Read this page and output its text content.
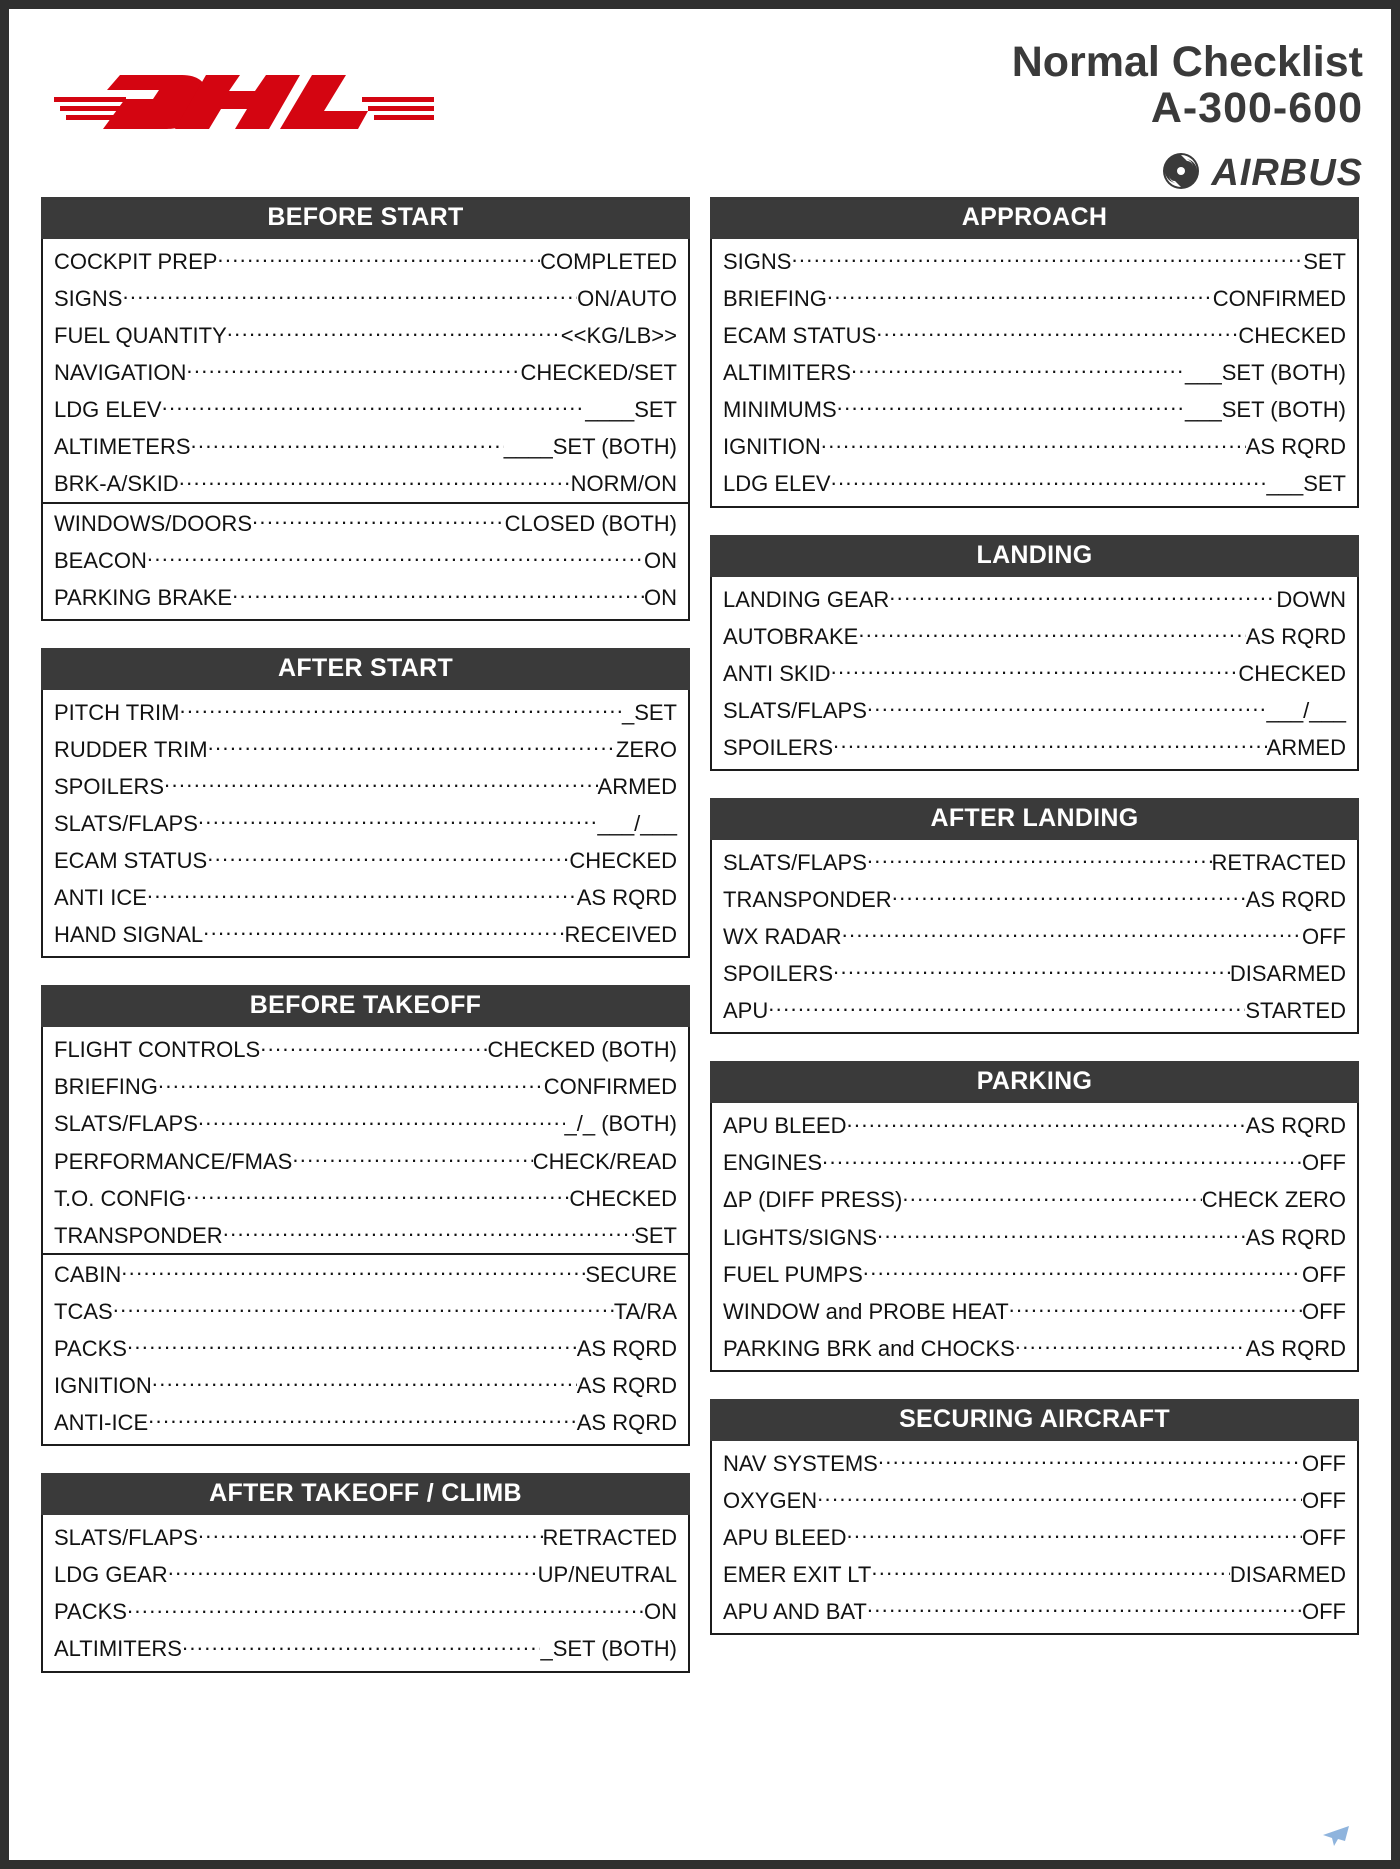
Normal Checklist
A-300-600
AIRBUS
BEFORE START
COCKPIT PREP .....	COMPLETED
SIGNS .....	ON/AUTO
FUEL QUANTITY .....	<<KG/LB>>
NAVIGATION .....	CHECKED/SET
LDG ELEV .....	____SET
ALTIMETERS .....	____SET (BOTH)
BRK-A/SKID .....	NORM/ON
WINDOWS/DOORS .....	CLOSED (BOTH)
BEACON .....	ON
PARKING BRAKE .....	ON
AFTER START
PITCH TRIM .....	_SET
RUDDER TRIM .....	ZERO
SPOILERS .....	ARMED
SLATS/FLAPS .....	___/___
ECAM STATUS .....	CHECKED
ANTI ICE .....	AS RQRD
HAND SIGNAL .....	RECEIVED
BEFORE TAKEOFF
FLIGHT CONTROLS .....	CHECKED (BOTH)
BRIEFING .....	CONFIRMED
SLATS/FLAPS .....	_/_ (BOTH)
PERFORMANCE/FMAS .....	CHECK/READ
T.O. CONFIG .....	CHECKED
TRANSPONDER .....	SET
CABIN .....	SECURE
TCAS .....	TA/RA
PACKS .....	AS RQRD
IGNITION .....	AS RQRD
ANTI-ICE .....	AS RQRD
AFTER TAKEOFF / CLIMB
SLATS/FLAPS .....	RETRACTED
LDG GEAR .....	UP/NEUTRAL
PACKS .....	ON
ALTIMITERS .....	_SET (BOTH)
APPROACH
SIGNS .....	SET
BRIEFING .....	CONFIRMED
ECAM STATUS .....	CHECKED
ALTIMITERS .....	___SET (BOTH)
MINIMUMS .....	___SET (BOTH)
IGNITION .....	AS RQRD
LDG ELEV .....	___SET
LANDING
LANDING GEAR .....	DOWN
AUTOBRAKE .....	AS RQRD
ANTI SKID .....	CHECKED
SLATS/FLAPS .....	___/___
SPOILERS .....	ARMED
AFTER LANDING
SLATS/FLAPS .....	RETRACTED
TRANSPONDER .....	AS RQRD
WX RADAR .....	OFF
SPOILERS .....	DISARMED
APU .....	STARTED
PARKING
APU BLEED .....	AS RQRD
ENGINES .....	OFF
ΔP (DIFF PRESS) .....	CHECK ZERO
LIGHTS/SIGNS .....	AS RQRD
FUEL PUMPS .....	OFF
WINDOW and PROBE HEAT .....	OFF
PARKING BRK and CHOCKS .....	AS RQRD
SECURING AIRCRAFT
NAV SYSTEMS .....	OFF
OXYGEN .....	OFF
APU BLEED .....	OFF
EMER EXIT LT .....	DISARMED
APU AND BAT .....	OFF
